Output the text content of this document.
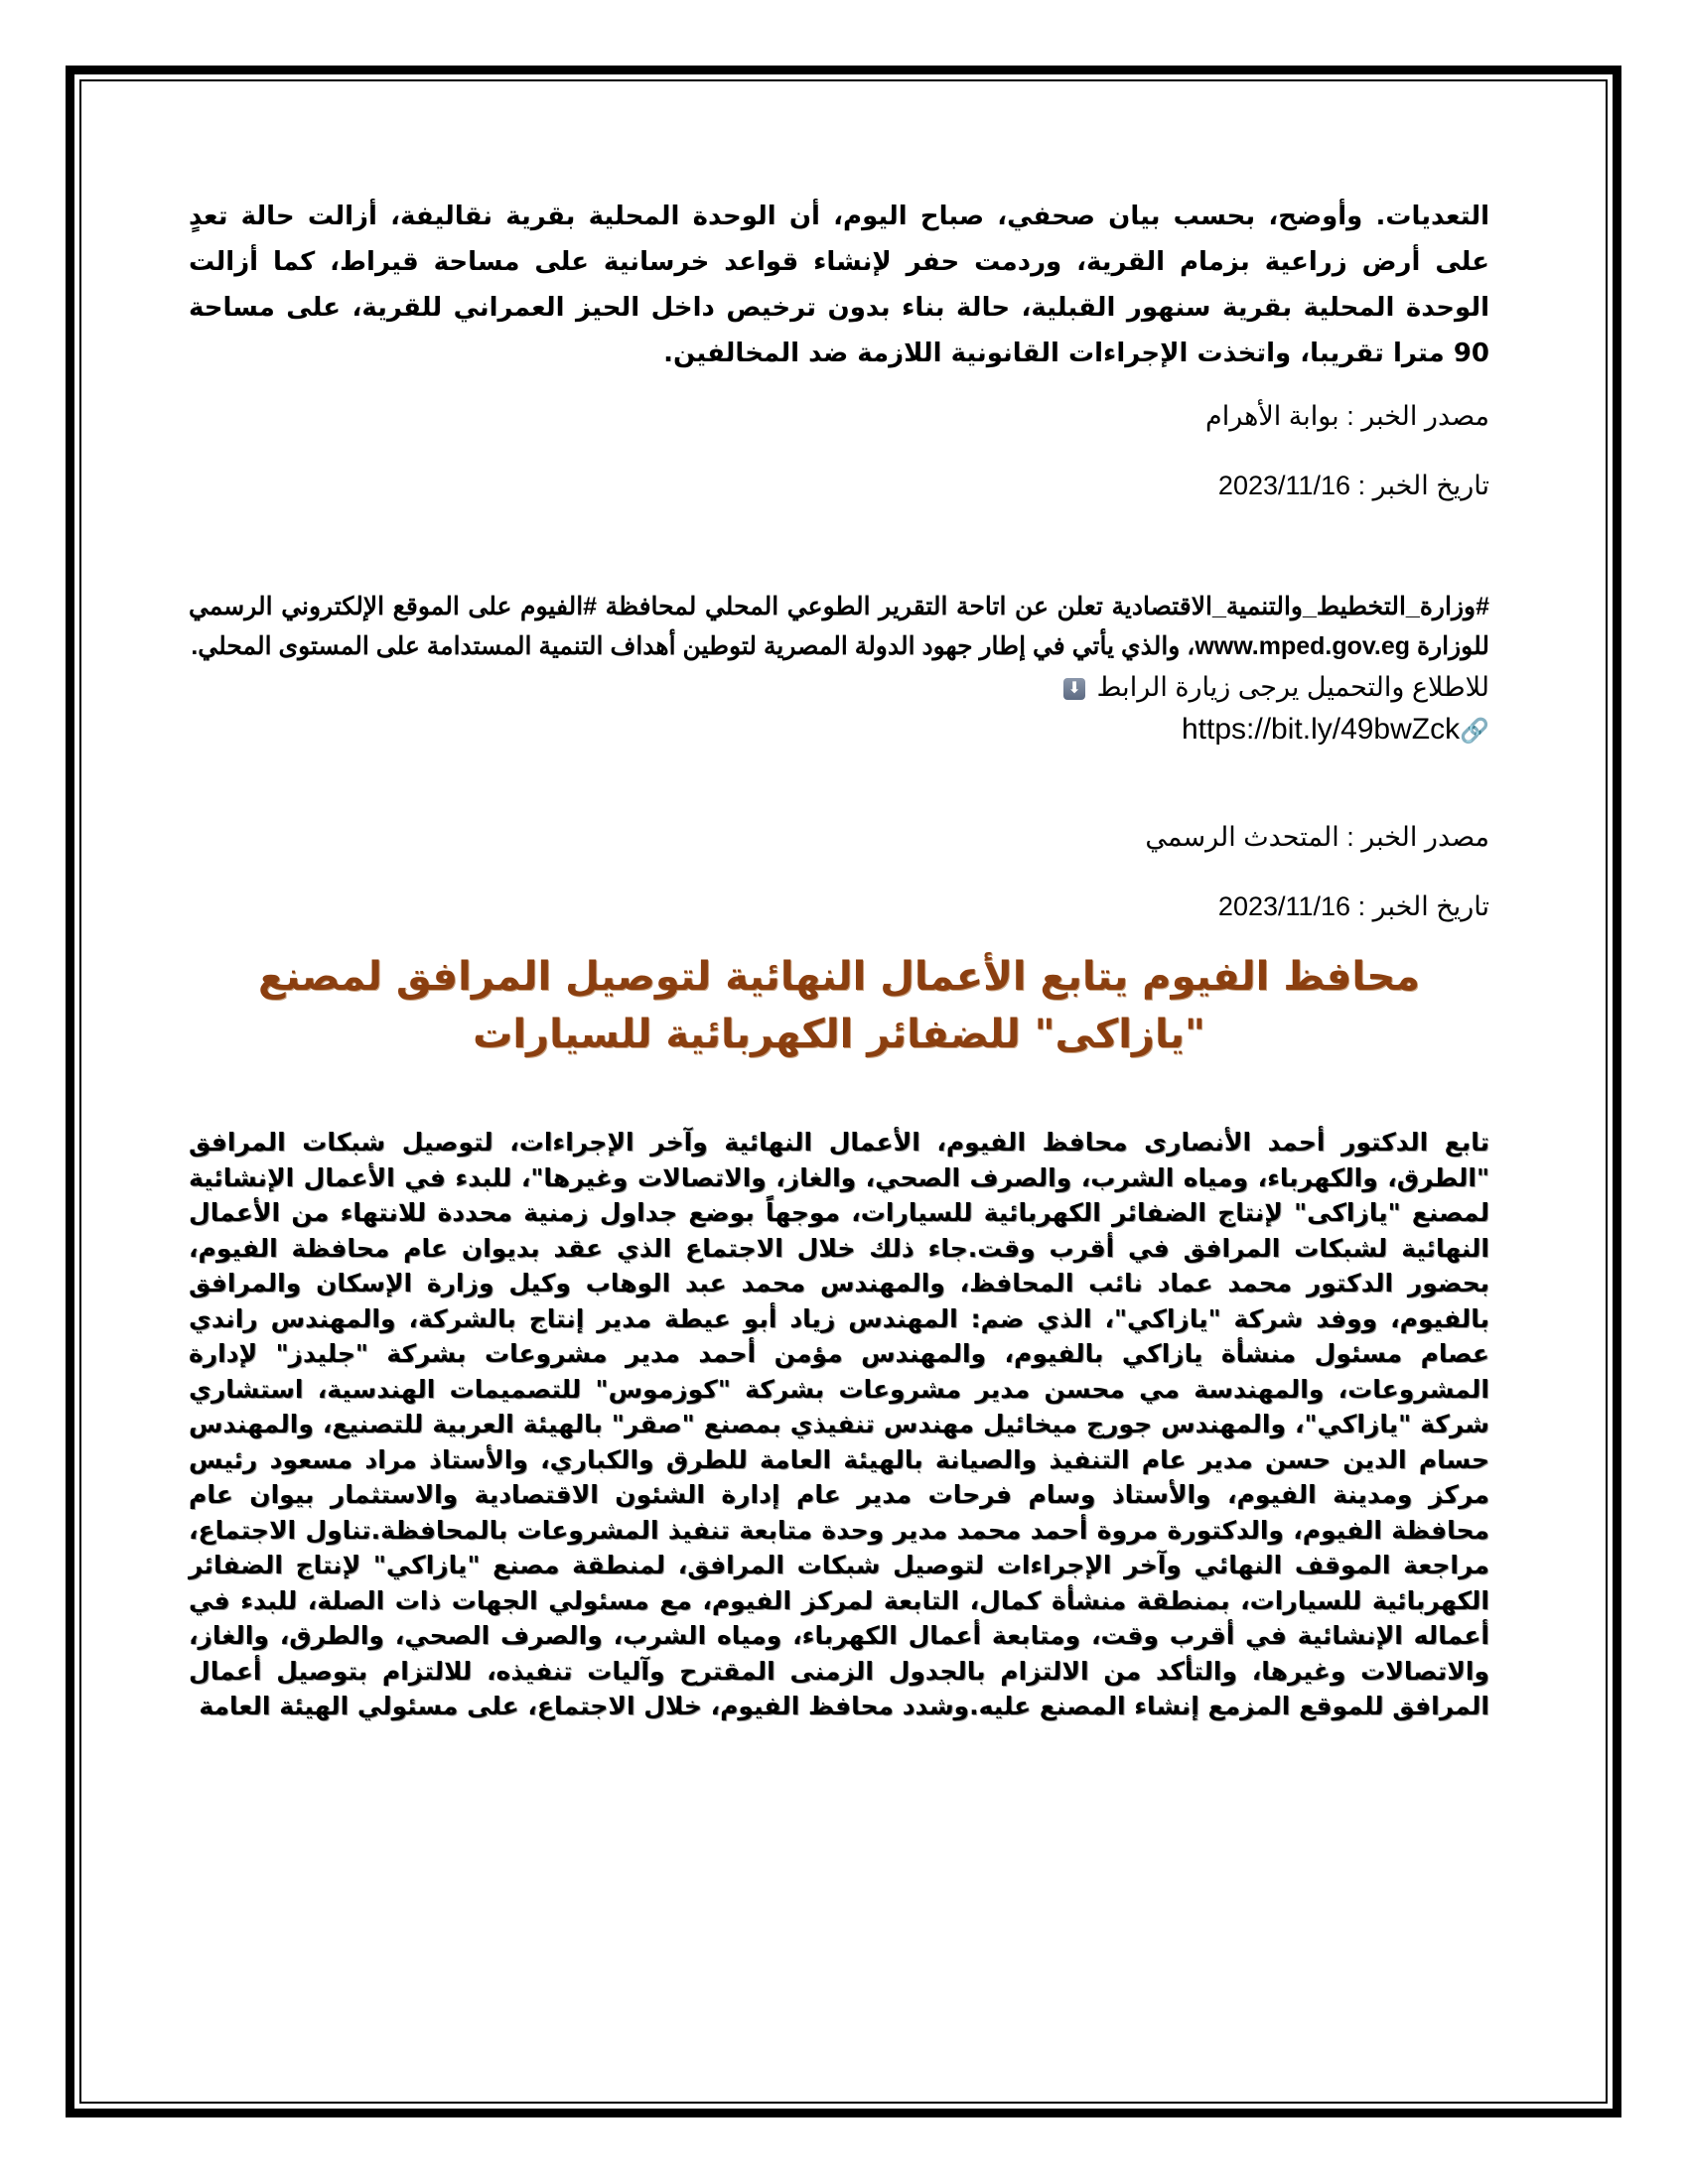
التعديات. وأوضح، بحسب بيان صحفي، صباح اليوم، أن الوحدة المحلية بقرية نقاليفة، أزالت حالة تعدٍ على أرض زراعية بزمام القرية، وردمت حفر لإنشاء قواعد خرسانية على مساحة قيراط، كما أزالت الوحدة المحلية بقرية سنهور القبلية، حالة بناء بدون ترخيص داخل الحيز العمراني للقرية، على مساحة 90 مترا تقريبا، واتخذت الإجراءات القانونية اللازمة ضد المخالفين.

مصدر الخبر : بوابة الأهرام

تاريخ الخبر : 2023/11/16

#وزارة_التخطيط_والتنمية_الاقتصادية تعلن عن اتاحة التقرير الطوعي المحلي لمحافظة #الفيوم على الموقع الإلكتروني الرسمي للوزارة www.mped.gov.eg، والذي يأتي في إطار جهود الدولة المصرية لتوطين أهداف التنمية المستدامة على المستوى المحلي.

للاطلاع والتحميل يرجى زيارة الرابط ⬇

https://bit.ly/49bwZck🔗

مصدر الخبر : المتحدث الرسمي

تاريخ الخبر : 2023/11/16

محافظ الفيوم يتابع الأعمال النهائية لتوصيل المرافق لمصنع "يازاكى" للضفائر الكهربائية للسيارات

تابع الدكتور أحمد الأنصارى محافظ الفيوم، الأعمال النهائية وآخر الإجراءات، لتوصيل شبكات المرافق "الطرق، والكهرباء، ومياه الشرب، والصرف الصحي، والغاز، والاتصالات وغيرها"، للبدء في الأعمال الإنشائية لمصنع "يازاكى" لإنتاج الضفائر الكهربائية للسيارات، موجهاً بوضع جداول زمنية محددة للانتهاء من الأعمال النهائية لشبكات المرافق في أقرب وقت.جاء ذلك خلال الاجتماع الذي عقد بديوان عام محافظة الفيوم، بحضور الدكتور محمد عماد نائب المحافظ، والمهندس محمد عبد الوهاب وكيل وزارة الإسكان والمرافق بالفيوم، ووفد شركة "يازاكي"، الذي ضم: المهندس زياد أبو عيطة مدير إنتاج بالشركة، والمهندس راندي عصام مسئول منشأة يازاكي بالفيوم، والمهندس مؤمن أحمد مدير مشروعات بشركة "جليدز" لإدارة المشروعات، والمهندسة مي محسن مدير مشروعات بشركة "كوزموس" للتصميمات الهندسية، استشاري شركة "يازاكي"، والمهندس جورج ميخائيل مهندس تنفيذي بمصنع "صقر" بالهيئة العربية للتصنيع، والمهندس حسام الدين حسن مدير عام التنفيذ والصيانة بالهيئة العامة للطرق والكباري، والأستاذ مراد مسعود رئيس مركز ومدينة الفيوم، والأستاذ وسام فرحات مدير عام إدارة الشئون الاقتصادية والاستثمار بيوان عام محافظة الفيوم، والدكتورة مروة أحمد محمد مدير وحدة متابعة تنفيذ المشروعات بالمحافظة.تناول الاجتماع، مراجعة الموقف النهائي وآخر الإجراءات لتوصيل شبكات المرافق، لمنطقة مصنع "يازاكي" لإنتاج الضفائر الكهربائية للسيارات، بمنطقة منشأة كمال، التابعة لمركز الفيوم، مع مسئولي الجهات ذات الصلة، للبدء في أعماله الإنشائية في أقرب وقت، ومتابعة أعمال الكهرباء، ومياه الشرب، والصرف الصحي، والطرق، والغاز، والاتصالات وغيرها، والتأكد من الالتزام بالجدول الزمنى المقترح وآليات تنفيذه، للالتزام بتوصيل أعمال المرافق للموقع المزمع إنشاء المصنع عليه.وشدد محافظ الفيوم، خلال الاجتماع، على مسئولي الهيئة العامة
